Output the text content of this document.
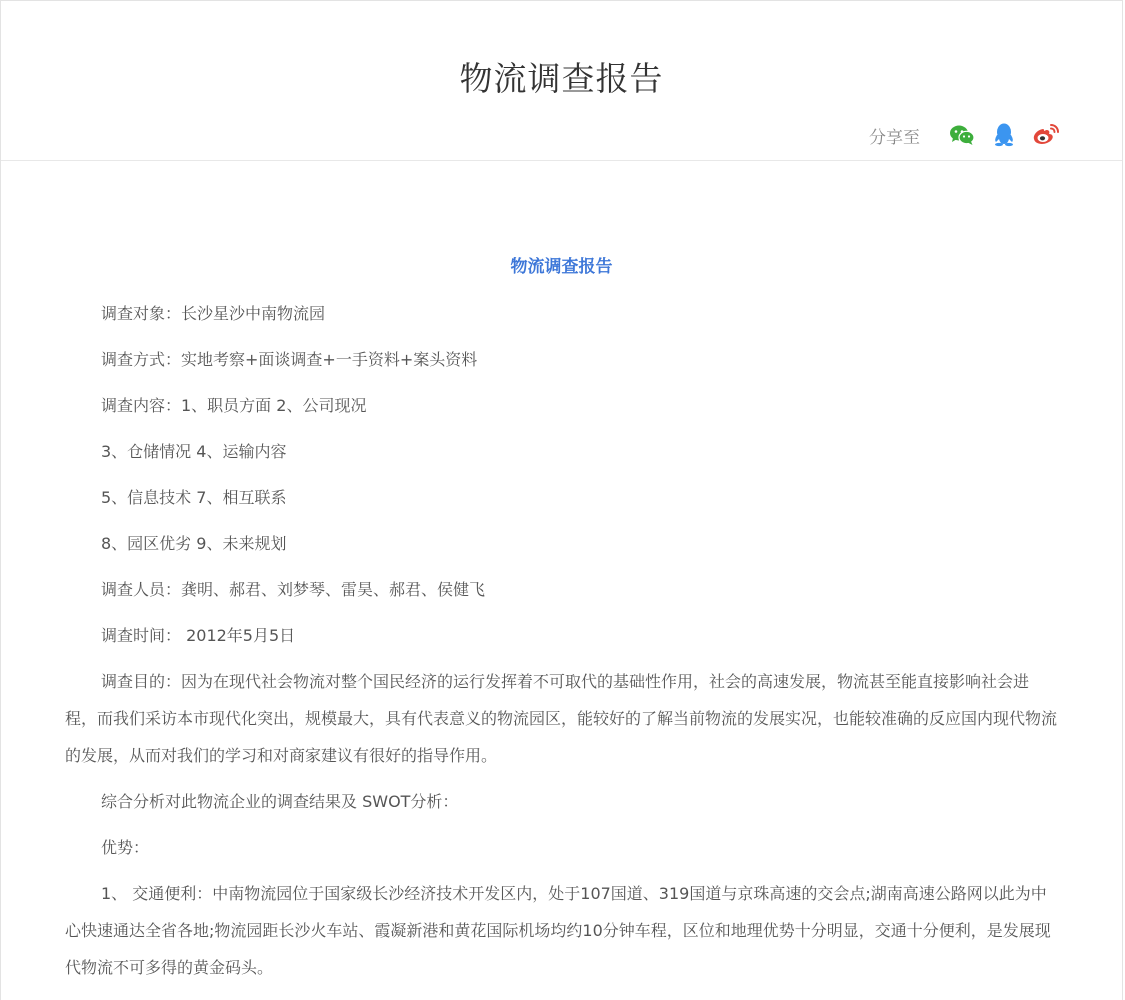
物流调查报告
分享至
物流调查报告

调查对象：长沙星沙中南物流园

调查方式：实地考察+面谈调查+一手资料+案头资料

调查内容：1、职员方面 2、公司现况

3、仓储情况 4、运输内容

5、信息技术 7、相互联系

8、园区优劣 9、未来规划

调查人员：龚明、郝君、刘梦琴、雷昊、郝君、侯健飞

调查时间： 2012年5月5日

调查目的：因为在现代社会物流对整个国民经济的运行发挥着不可取代的基础性作用，社会的高速发展，物流甚至能直接影响社会进程，而我们采访本市现代化突出，规模最大，具有代表意义的物流园区，能较好的了解当前物流的发展实况，也能较准确的反应国内现代物流的发展，从而对我们的学习和对商家建议有很好的指导作用。

综合分析对此物流企业的调查结果及 SWOT分析：

优势：

1、 交通便利：中南物流园位于国家级长沙经济技术开发区内，处于107国道、319国道与京珠高速的交会点;湖南高速公路网以此为中心快速通达全省各地;物流园距长沙火车站、霞凝新港和黄花国际机场均约10分钟车程，区位和地理优势十分明显，交通十分便利，是发展现代物流不可多得的黄金码头。
